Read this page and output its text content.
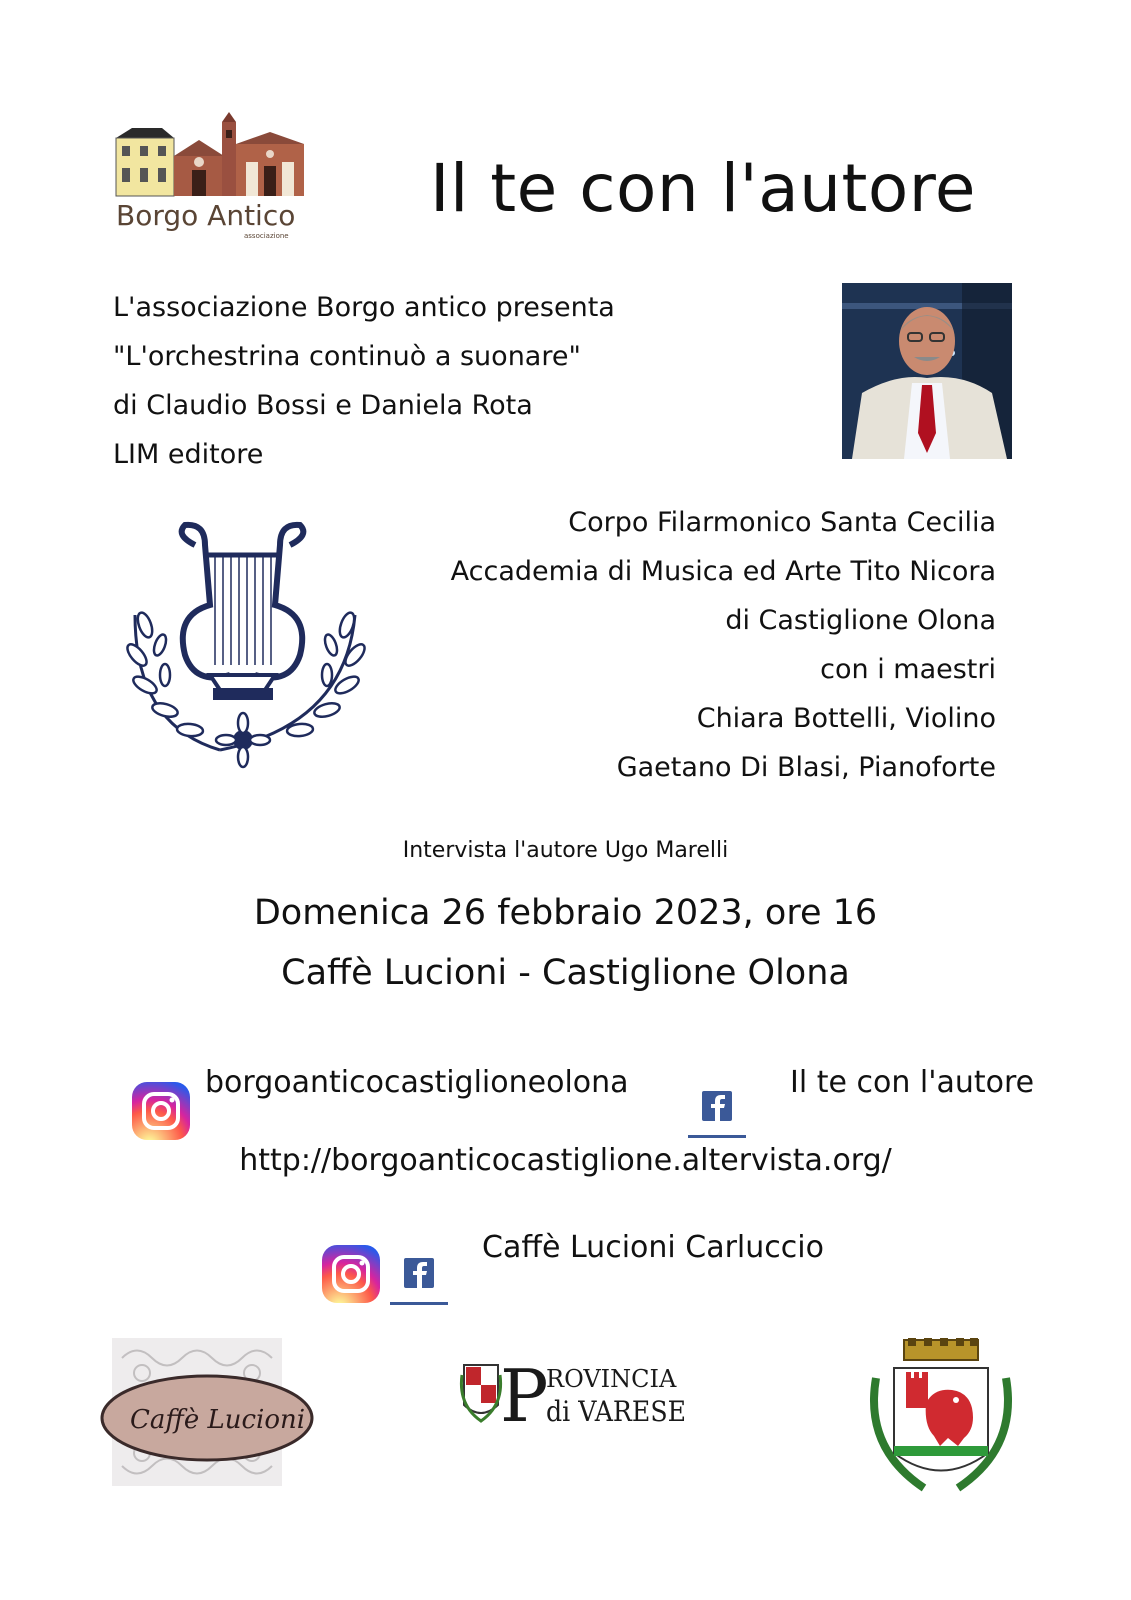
Borgo Antico
associazione
Il te con l'autore
L'associazione Borgo antico presenta
"L'orchestrina continuò a suonare"
di Claudio Bossi e Daniela Rota
LIM editore
Corpo Filarmonico Santa Cecilia
Accademia di Musica ed Arte Tito Nicora
di Castiglione Olona
con i maestri
Chiara Bottelli, Violino
Gaetano Di Blasi, Pianoforte
Intervista l'autore Ugo Marelli
Domenica 26 febbraio 2023, ore 16
Caffè Lucioni - Castiglione Olona
borgoanticocastiglioneolona	Il te con l'autore
http://borgoanticocastiglione.altervista.org/
Caffè Lucioni Carluccio
Caffè Lucioni	P
ROVINCIA
di VARESE
